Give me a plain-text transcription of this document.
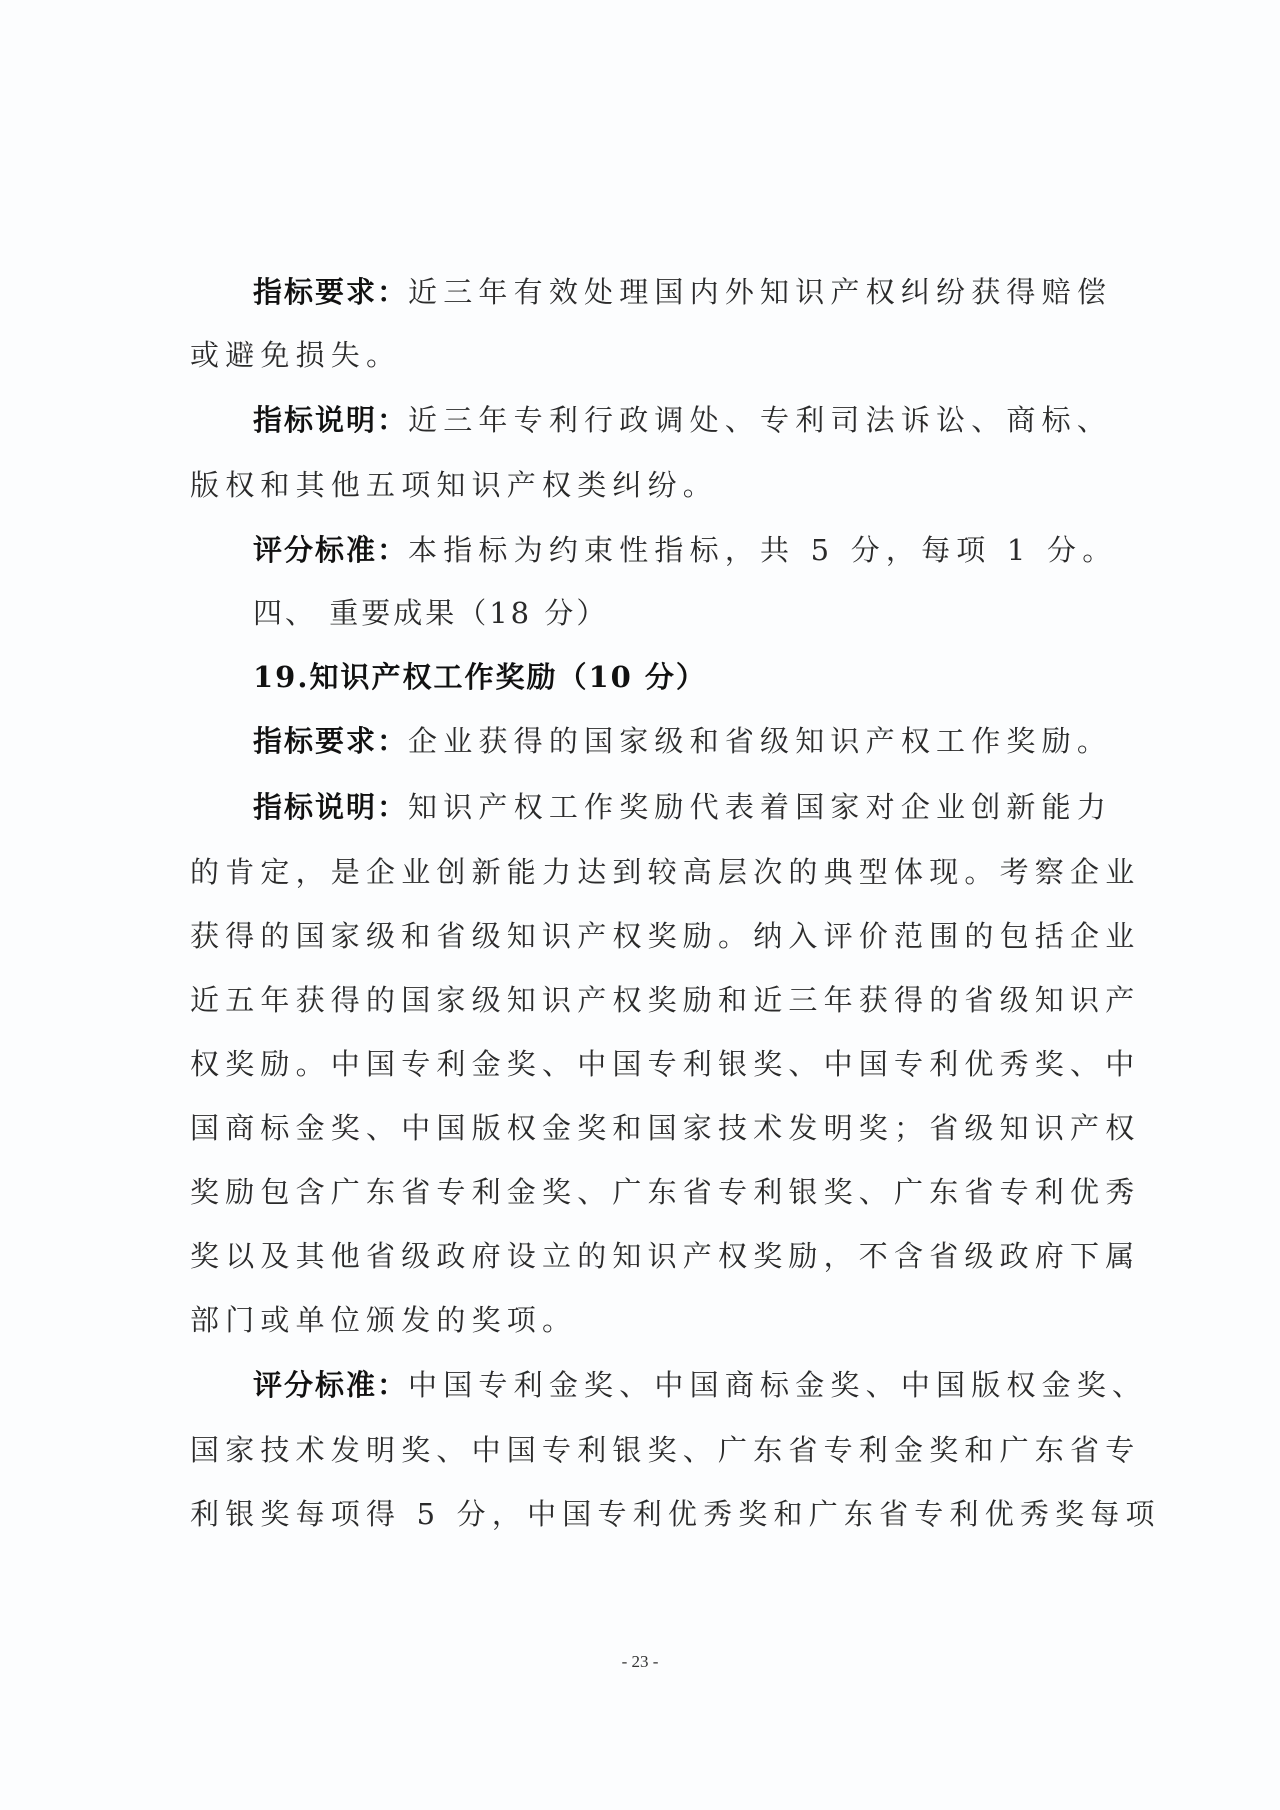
指标要求：近三年有效处理国内外知识产权纠纷获得赔偿
或避免损失。
指标说明：近三年专利行政调处、专利司法诉讼、商标、
版权和其他五项知识产权类纠纷。
评分标准：本指标为约束性指标，共 5 分，每项 1 分。
四、 重要成果（18 分）
19.知识产权工作奖励（10 分）
指标要求：企业获得的国家级和省级知识产权工作奖励。
指标说明：知识产权工作奖励代表着国家对企业创新能力
的肯定，是企业创新能力达到较高层次的典型体现。考察企业
获得的国家级和省级知识产权奖励。纳入评价范围的包括企业
近五年获得的国家级知识产权奖励和近三年获得的省级知识产
权奖励。中国专利金奖、中国专利银奖、中国专利优秀奖、中
国商标金奖、中国版权金奖和国家技术发明奖；省级知识产权
奖励包含广东省专利金奖、广东省专利银奖、广东省专利优秀
奖以及其他省级政府设立的知识产权奖励，不含省级政府下属
部门或单位颁发的奖项。
评分标准：中国专利金奖、中国商标金奖、中国版权金奖、
国家技术发明奖、中国专利银奖、广东省专利金奖和广东省专
利银奖每项得 5 分，中国专利优秀奖和广东省专利优秀奖每项
- 23 -
